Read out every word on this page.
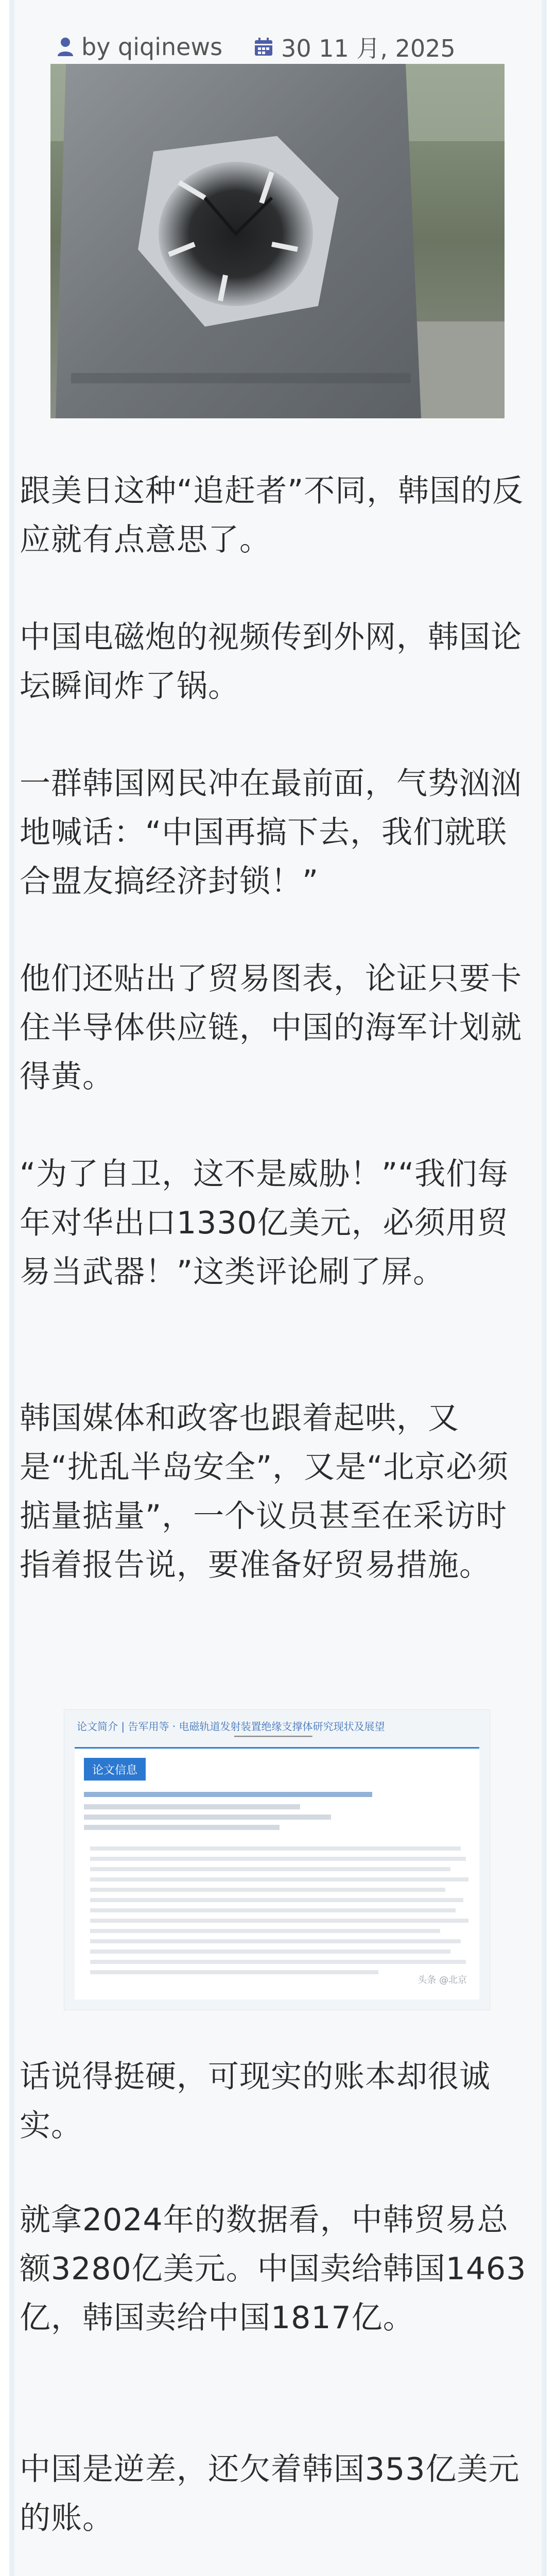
by qiqinews 30 11 月, 2025

跟美日这种“追赶者”不同，韩国的反应就有点意思了。

中国电磁炮的视频传到外网，韩国论坛瞬间炸了锅。

一群韩国网民冲在最前面，气势汹汹地喊话：“中国再搞下去，我们就联合盟友搞经济封锁！”

他们还贴出了贸易图表，论证只要卡住半导体供应链，中国的海军计划就得黄。

“为了自卫，这不是威胁！”“我们每年对华出口1330亿美元，必须用贸易当武器！”这类评论刷了屏。

韩国媒体和政客也跟着起哄，又是“扰乱半岛安全”，又是“北京必须掂量掂量”，一个议员甚至在采访时指着报告说，要准备好贸易措施。

论文简介 | 告军用等 · 电磁轨道发射装置绝缘支撑体研究现状及展望
━━━━━━━━━━━━━━━━━━
论文信息
头条 @北京

话说得挺硬，可现实的账本却很诚实。

就拿2024年的数据看，中韩贸易总额3280亿美元。中国卖给韩国1463亿，韩国卖给中国1817亿。

中国是逆差，还欠着韩国353亿美元的账。
